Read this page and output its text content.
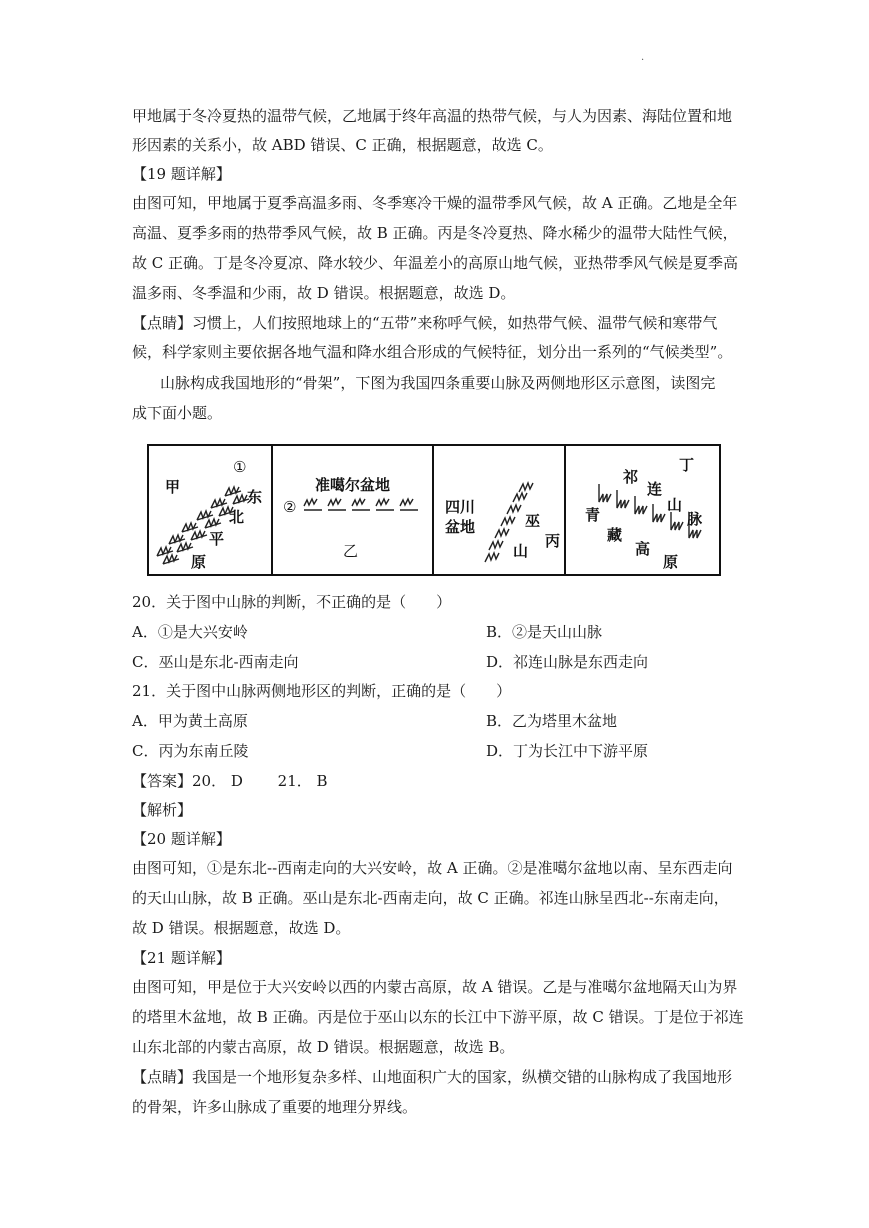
.
甲地属于冬冷夏热的温带气候，乙地属于终年高温的热带气候，与人为因素、海陆位置和地
形因素的关系小，故 ABD 错误、C 正确，根据题意，故选 C。
【19 题详解】
由图可知，甲地属于夏季高温多雨、冬季寒冷干燥的温带季风气候，故 A 正确。乙地是全年
高温、夏季多雨的热带季风气候，故 B 正确。丙是冬冷夏热、降水稀少的温带大陆性气候，
故 C 正确。丁是冬冷夏凉、降水较少、年温差小的高原山地气候，亚热带季风气候是夏季高
温多雨、冬季温和少雨，故 D 错误。根据题意，故选 D。
【点睛】习惯上，人们按照地球上的“五带”来称呼气候，如热带气候、温带气候和寒带气
候，科学家则主要依据各地气温和降水组合形成的气候特征，划分出一系列的“气候类型”。
山脉构成我国地形的“骨架”，下图为我国四条重要山脉及两侧地形区示意图，读图完
成下面小题。
甲
①
东
北
平
原
准噶尔盆地
②
乙
四川
盆地	巫
山
丙
丁
祁
连
山
脉
青
藏
高
原
20．关于图中山脉的判断，不正确的是（　　）
A．①是大兴安岭	B．②是天山山脉
C．巫山是东北-西南走向	D．祁连山脉是东西走向
21．关于图中山脉两侧地形区的判断，正确的是（　　）
A．甲为黄土高原	B．乙为塔里木盆地
C．丙为东南丘陵	D．丁为长江中下游平原
【答案】20． D　　 21． B
【解析】
【20 题详解】
由图可知，①是东北--西南走向的大兴安岭，故 A 正确。②是准噶尔盆地以南、呈东西走向
的天山山脉，故 B 正确。巫山是东北-西南走向，故 C 正确。祁连山脉呈西北--东南走向，
故 D 错误。根据题意，故选 D。
【21 题详解】
由图可知，甲是位于大兴安岭以西的内蒙古高原，故 A 错误。乙是与准噶尔盆地隔天山为界
的塔里木盆地，故 B 正确。丙是位于巫山以东的长江中下游平原，故 C 错误。丁是位于祁连
山东北部的内蒙古高原，故 D 错误。根据题意，故选 B。
【点睛】我国是一个地形复杂多样、山地面积广大的国家，纵横交错的山脉构成了我国地形
的骨架，许多山脉成了重要的地理分界线。
